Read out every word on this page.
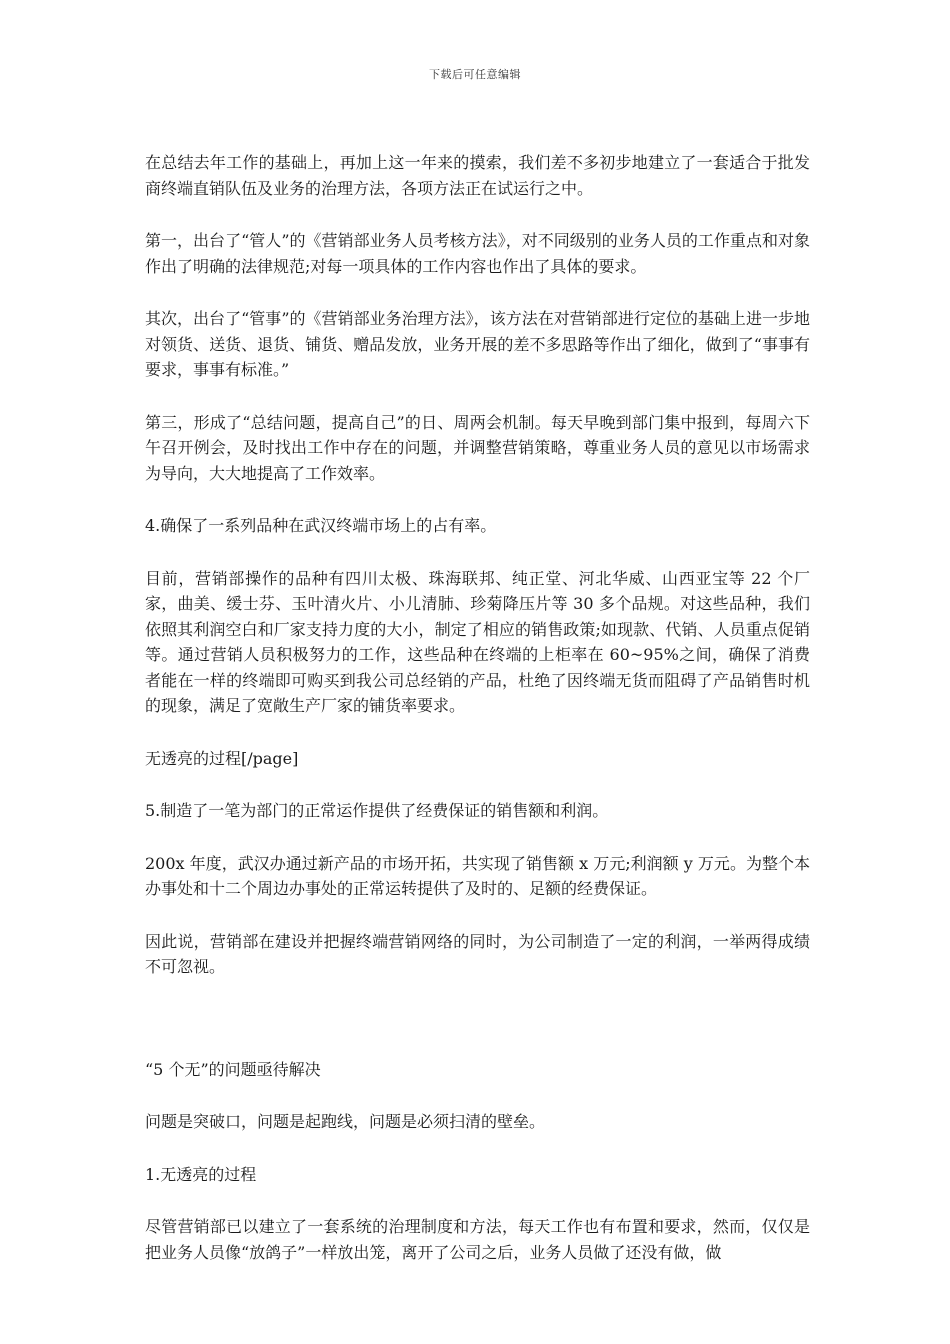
下载后可任意编辑

在总结去年工作的基础上，再加上这一年来的摸索，我们差不多初步地建立了一套适合于批发商终端直销队伍及业务的治理方法，各项方法正在试运行之中。

第一，出台了“管人”的《营销部业务人员考核方法》，对不同级别的业务人员的工作重点和对象作出了明确的法律规范;对每一项具体的工作内容也作出了具体的要求。

其次，出台了“管事”的《营销部业务治理方法》，该方法在对营销部进行定位的基础上进一步地对领货、送货、退货、铺货、赠品发放，业务开展的差不多思路等作出了细化，做到了“事事有要求，事事有标准。”

第三，形成了“总结问题，提高自己”的日、周两会机制。每天早晚到部门集中报到，每周六下午召开例会，及时找出工作中存在的问题，并调整营销策略，尊重业务人员的意见以市场需求为导向，大大地提高了工作效率。

4.确保了一系列品种在武汉终端市场上的占有率。

目前，营销部操作的品种有四川太极、珠海联邦、纯正堂、河北华威、山西亚宝等 22 个厂家，曲美、缓士芬、玉叶清火片、小儿清肺、珍菊降压片等 30 多个品规。对这些品种，我们依照其利润空白和厂家支持力度的大小，制定了相应的销售政策;如现款、代销、人员重点促销等。通过营销人员积极努力的工作，这些品种在终端的上柜率在 60~95%之间，确保了消费者能在一样的终端即可购买到我公司总经销的产品，杜绝了因终端无货而阻碍了产品销售时机的现象，满足了宽敞生产厂家的铺货率要求。

无透亮的过程[/page]

5.制造了一笔为部门的正常运作提供了经费保证的销售额和利润。

200x 年度，武汉办通过新产品的市场开拓，共实现了销售额 x 万元;利润额 y 万元。为整个本办事处和十二个周边办事处的正常运转提供了及时的、足额的经费保证。

因此说，营销部在建设并把握终端营销网络的同时，为公司制造了一定的利润，一举两得成绩不可忽视。

“5 个无”的问题亟待解决

问题是突破口，问题是起跑线，问题是必须扫清的壁垒。

1.无透亮的过程

尽管营销部已以建立了一套系统的治理制度和方法，每天工作也有布置和要求，然而，仅仅是把业务人员像“放鸽子”一样放出笼，离开了公司之后，业务人员做了还没有做，做
